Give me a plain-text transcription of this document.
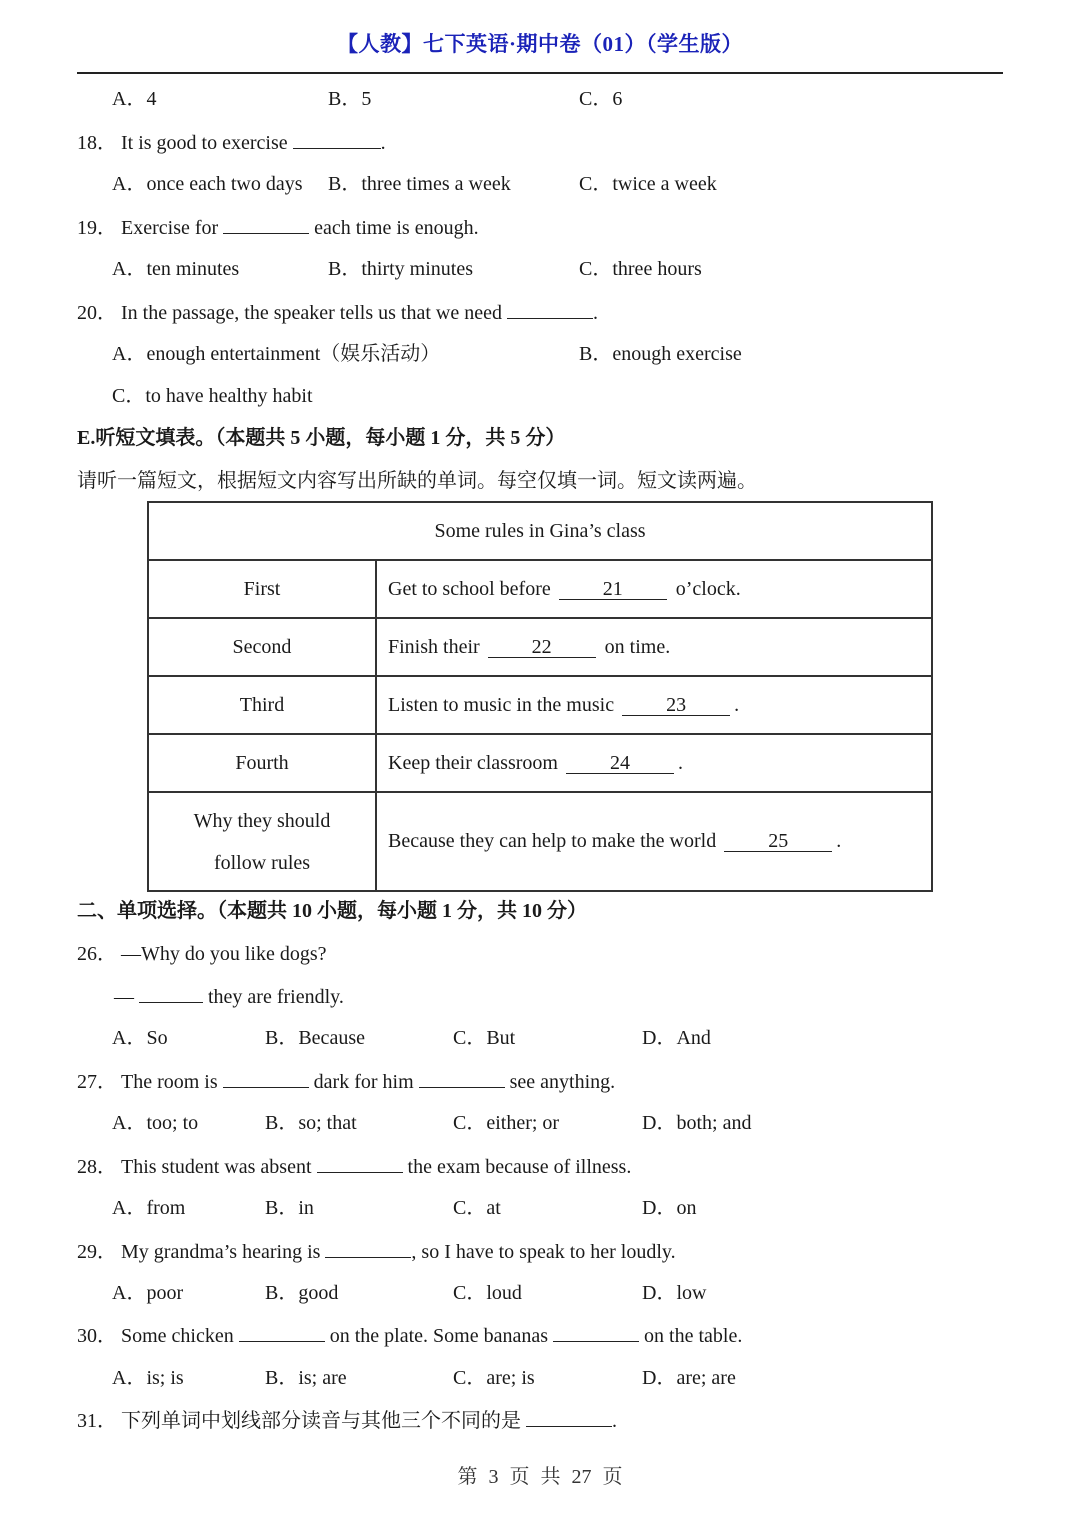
【人教】七下英语·期中卷（01）（学生版）
A．4	B．5	C．6
18． It is good to exercise	.
A．once each two days B．three times a week	C．twice a week
19． Exercise for	each time is enough.
A．ten minutes	B．thirty minutes	C．three hours
20． In the passage, the speaker tells us that we need	.
A．enough entertainment（娱乐活动）	B．enough exercise
C．to have healthy habit
E.听短文填表。（本题共 5 小题，每小题 1 分，共 5 分）
请听一篇短文，根据短文内容写出所缺的单词。每空仅填一词。短文读两遍。
Some rules in Gina’s class	
First	Get to school before 21 o’clock.
Second	Finish their 22 on time.
Third	Listen to music in the music 23 .
Fourth	Keep their classroom 24 .
Why they should
follow rules	Because they can help to make the world 25 .
二、单项选择。（本题共 10 小题，每小题 1 分，共 10 分）
26． —Why do you like dogs?
—	they are friendly.
A．So	B．Because	C．But	D．And
27． The room is	dark for him	see anything.
A．too; to	B．so; that	C．either; or	D．both; and
28． This student was absent	the exam because of illness.
A．from	B．in	C．at	D．on
29． My grandma’s hearing is	, so I have to speak to her loudly.
A．poor	B．good	C．loud	D．low
30． Some chicken	on the plate. Some bananas	on the table.
A．is; is	B．is; are	C．are; is	D．are; are
31． 下列单词中划线部分读音与其他三个不同的是	.
第 3 页 共 27 页
